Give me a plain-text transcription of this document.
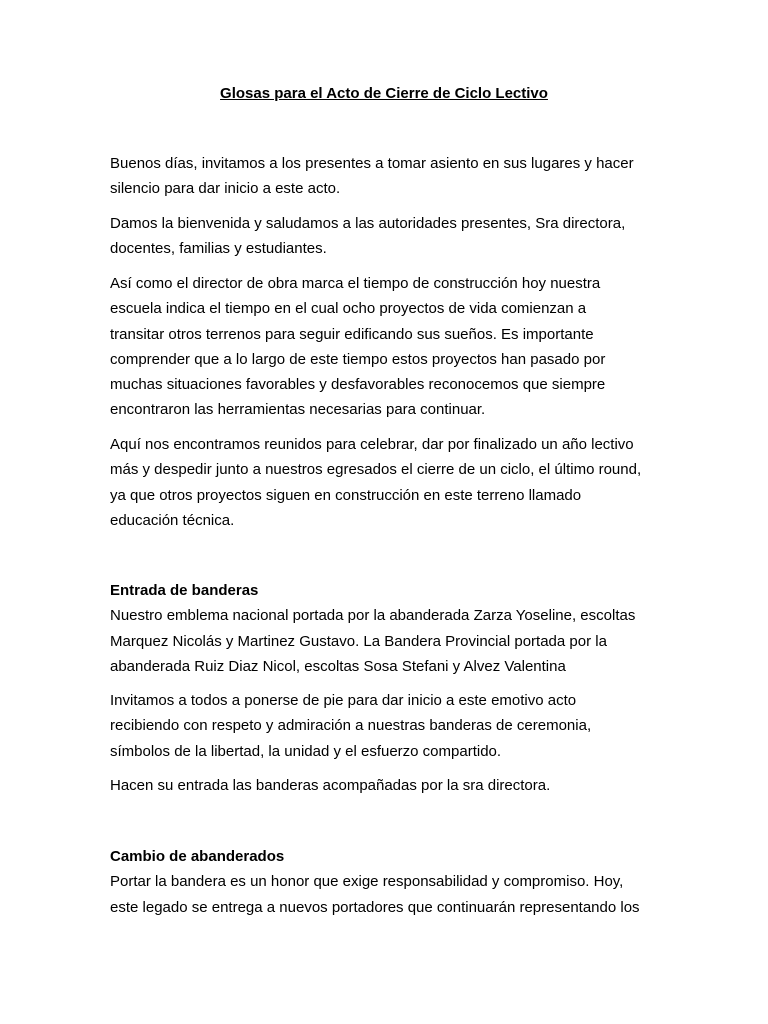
Glosas para el Acto de Cierre de Ciclo Lectivo

Buenos días, invitamos a los presentes a tomar asiento en sus lugares y hacer
silencio para dar inicio a este acto.

Damos la bienvenida y saludamos a las autoridades presentes, Sra directora,
docentes, familias y estudiantes.

Así como el director de obra marca el tiempo de construcción hoy nuestra
escuela indica el tiempo en el cual ocho proyectos de vida comienzan a
transitar otros terrenos para seguir edificando sus sueños. Es importante
comprender que a lo largo de este tiempo estos proyectos han pasado por
muchas situaciones favorables y desfavorables reconocemos que siempre
encontraron las herramientas necesarias para continuar.

Aquí nos encontramos reunidos para celebrar, dar por finalizado un año lectivo
más y despedir junto a nuestros egresados el cierre de un ciclo, el último round,
ya que otros proyectos siguen en construcción en este terreno llamado
educación técnica.

Entrada de banderas
Nuestro emblema nacional portada por la abanderada Zarza Yoseline, escoltas
Marquez Nicolás y Martinez Gustavo. La Bandera Provincial portada por la
abanderada Ruiz Diaz Nicol, escoltas Sosa Stefani y Alvez Valentina

Invitamos a todos a ponerse de pie para dar inicio a este emotivo acto
recibiendo con respeto y admiración a nuestras banderas de ceremonia,
símbolos de la libertad, la unidad y el esfuerzo compartido.

Hacen su entrada las banderas acompañadas por la sra directora.

Cambio de abanderados
Portar la bandera es un honor que exige responsabilidad y compromiso. Hoy,
este legado se entrega a nuevos portadores que continuarán representando los
